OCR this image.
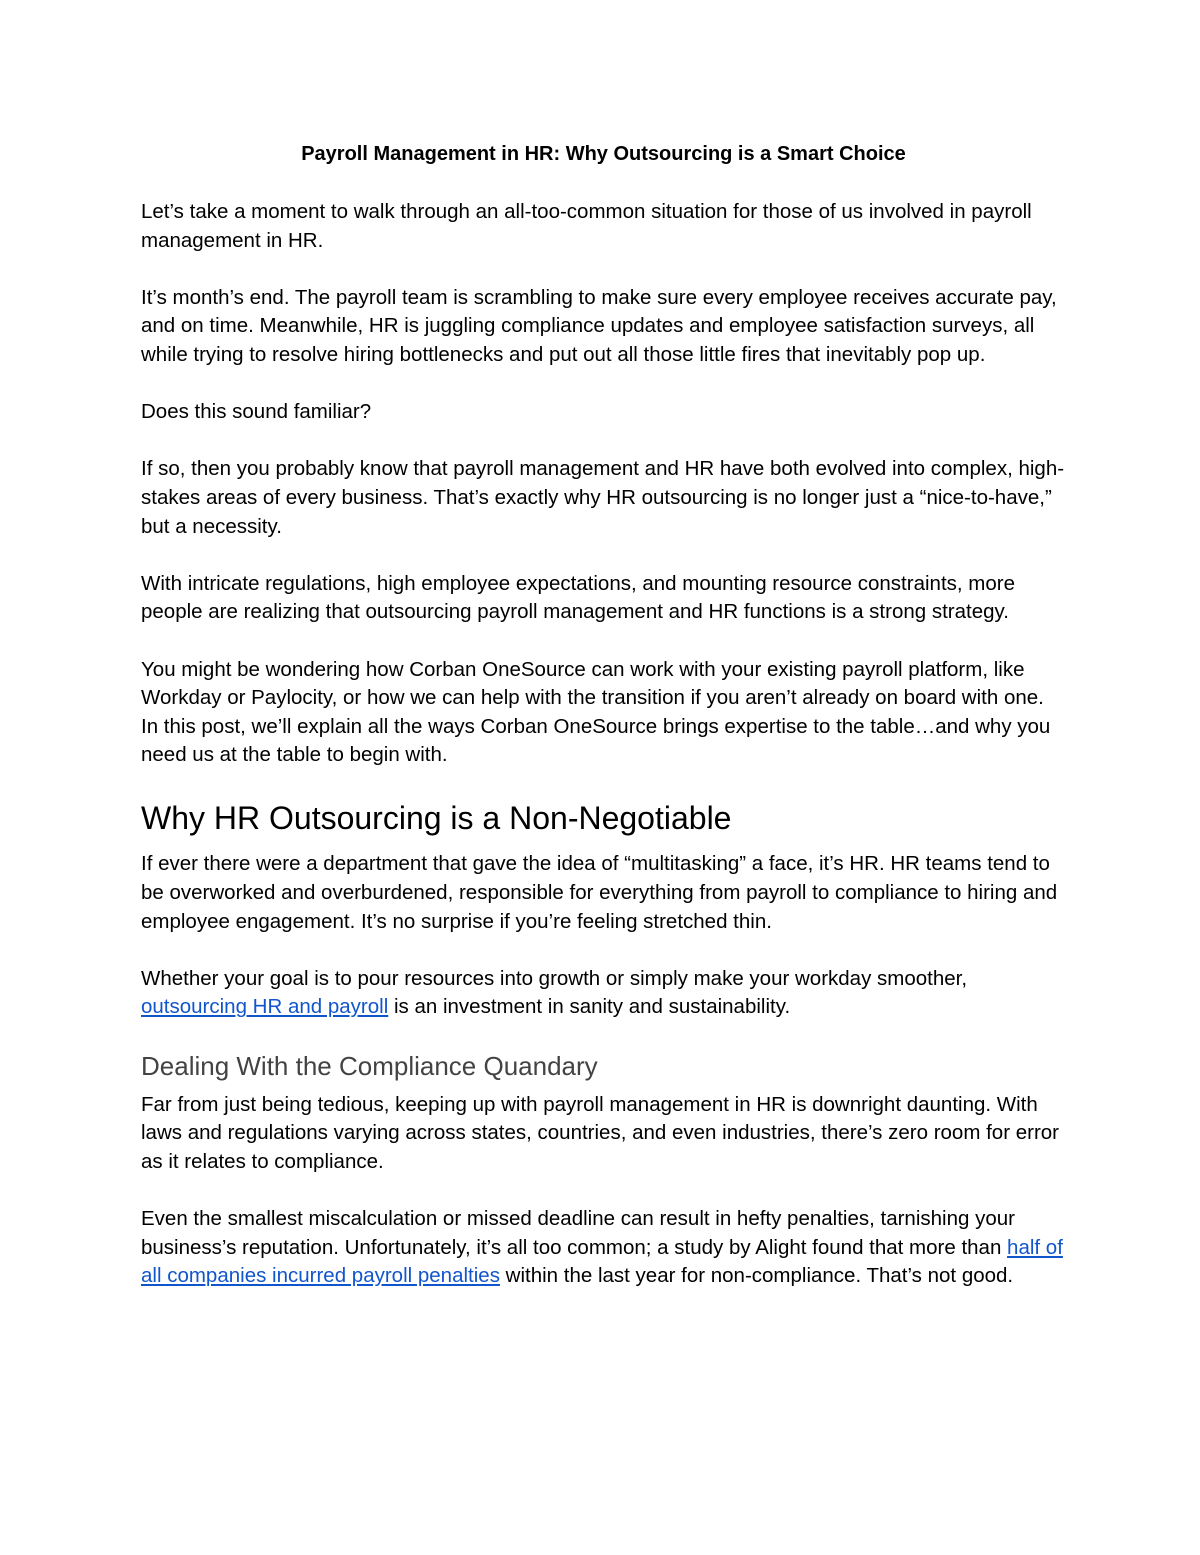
Payroll Management in HR: Why Outsourcing is a Smart Choice

Let’s take a moment to walk through an all-too-common situation for those of us involved in payroll management in HR.

It’s month’s end. The payroll team is scrambling to make sure every employee receives accurate pay, and on time. Meanwhile, HR is juggling compliance updates and employee satisfaction surveys, all while trying to resolve hiring bottlenecks and put out all those little fires that inevitably pop up.

Does this sound familiar?

If so, then you probably know that payroll management and HR have both evolved into complex, high-stakes areas of every business. That’s exactly why HR outsourcing is no longer just a “nice-to-have,” but a necessity.

With intricate regulations, high employee expectations, and mounting resource constraints, more people are realizing that outsourcing payroll management and HR functions is a strong strategy.

You might be wondering how Corban OneSource can work with your existing payroll platform, like Workday or Paylocity, or how we can help with the transition if you aren’t already on board with one. In this post, we’ll explain all the ways Corban OneSource brings expertise to the table…and why you need us at the table to begin with.

Why HR Outsourcing is a Non-Negotiable

If ever there were a department that gave the idea of “multitasking” a face, it’s HR. HR teams tend to be overworked and overburdened, responsible for everything from payroll to compliance to hiring and employee engagement. It’s no surprise if you’re feeling stretched thin.

Whether your goal is to pour resources into growth or simply make your workday smoother, outsourcing HR and payroll is an investment in sanity and sustainability.

Dealing With the Compliance Quandary

Far from just being tedious, keeping up with payroll management in HR is downright daunting. With laws and regulations varying across states, countries, and even industries, there’s zero room for error as it relates to compliance.

Even the smallest miscalculation or missed deadline can result in hefty penalties, tarnishing your business’s reputation. Unfortunately, it’s all too common; a study by Alight found that more than half of all companies incurred payroll penalties within the last year for non-compliance. That’s not good.
